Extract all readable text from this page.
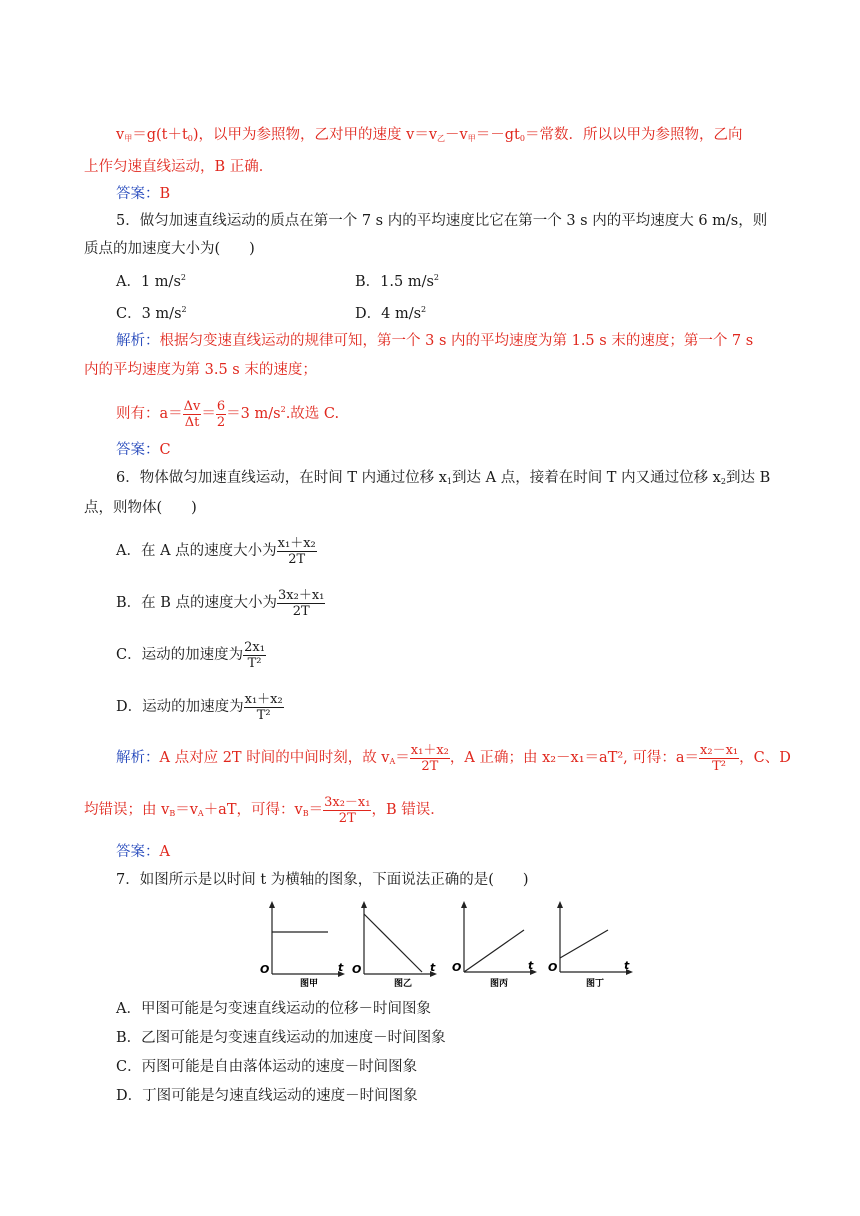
$v_甲=g(t+t_0)$，以甲为参照物，乙对甲的速度 $v=v_乙-v_甲=-gt_0=$常数．所以以甲为参照物，乙向
上作匀速直线运动，B 正确．
答案：B
5．做匀加速直线运动的质点在第一个 7 s 内的平均速度比它在第一个 3 s 内的平均速度大 6 m/s，则
质点的加速度大小为(　　)
A．1 $m/s^2$	B．1.5 $m/s^2$
C．3 $m/s^2$	D．4 $m/s^2$
解析：根据匀变速直线运动的规律可知，第一个 3 s 内的平均速度为第 1.5 s 末的速度；第一个 7 s
内的平均速度为第 3.5 s 末的速度；
则有：$a= \frac{\Delta v}{\Delta t} = \frac{6}{2} =3$ $m/s^2$.故选 C.
答案：C
6．物体做匀加速直线运动，在时间 T 内通过位移 $x_1$到达 A 点，接着在时间 T 内又通过位移 $x_2$到达 B
点，则物体(　　)
A．在 A 点的速度大小为 $\frac{\text{x₁＋x₂}}{2T}$
B．在 B 点的速度大小为 $\frac{\text{3x₂＋x₁}}{2T}$
C．运动的加速度为 $\frac{\text{2x₁}}{\text{T²}}$
D．运动的加速度为 $\frac{\text{x₁＋x₂}}{\text{T²}}$
解析：A 点对应 2T 时间的中间时刻，故 $v_A= \frac{\text{x₁＋x₂}}{2T}$ ，A 正确；由 x₂－x₁＝aT², 可得：$a= \frac{\text{x₂－x₁}}{\text{T²}}$ ，C、D
均错误；由 $v_B=v_A+aT$，可得：$v_B= \frac{\text{3x₂－x₁}}{2T}$ ，B 错误．
答案：A
7．如图所示是以时间 t 为横轴的图象，下面说法正确的是(　　)
O
图甲
t O
图乙
t O
图丙
t O
图丁
t
A．甲图可能是匀变速直线运动的位移－时间图象
B．乙图可能是匀变速直线运动的加速度－时间图象
C．丙图可能是自由落体运动的速度－时间图象
D．丁图可能是匀速直线运动的速度－时间图象
